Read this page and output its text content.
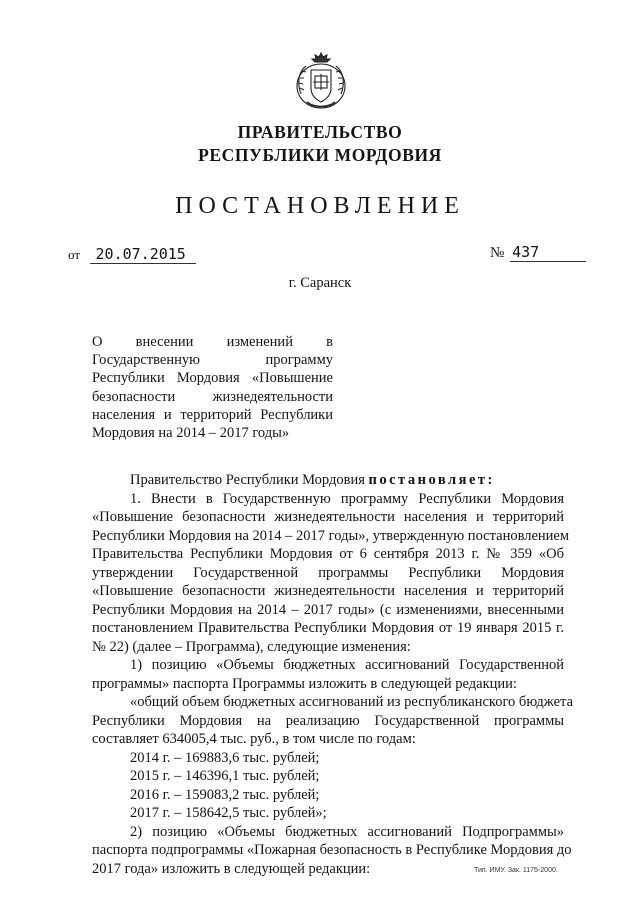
ПРАВИТЕЛЬСТВО
РЕСПУБЛИКИ МОРДОВИЯ
ПОСТАНОВЛЕНИЕ
от 20.07.2015	№ 437
г. Саранск
О внесении изменений в
Государственную программу
Республики Мордовия «Повышение
безопасности жизнедеятельности
населения и территорий Республики
Мордовия на 2014 – 2017 годы»
Правительство Республики Мордовия постановляет:
1. Внести в Государственную программу Республики Мордовия
«Повышение безопасности жизнедеятельности населения и территорий
Республики Мордовия на 2014 – 2017 годы», утвержденную постановлением
Правительства Республики Мордовия от 6 сентября 2013 г. № 359 «Об
утверждении Государственной программы Республики Мордовия
«Повышение безопасности жизнедеятельности населения и территорий
Республики Мордовия на 2014 – 2017 годы» (с изменениями, внесенными
постановлением Правительства Республики Мордовия от 19 января 2015 г.
№ 22) (далее – Программа), следующие изменения:
1) позицию «Объемы бюджетных ассигнований Государственной
программы» паспорта Программы изложить в следующей редакции:
«общий объем бюджетных ассигнований из республиканского бюджета
Республики Мордовия на реализацию Государственной программы
составляет 634005,4 тыс. руб., в том числе по годам:
2014 г. – 169883,6 тыс. рублей;
2015 г. – 146396,1 тыс. рублей;
2016 г. – 159083,2 тыс. рублей;
2017 г. – 158642,5 тыс. рублей»;
2) позицию «Объемы бюджетных ассигнований Подпрограммы»
паспорта подпрограммы «Пожарная безопасность в Республике Мордовия до
2017 года» изложить в следующей редакции:	Тип. ИМУ. Зак. 1175-2000.
